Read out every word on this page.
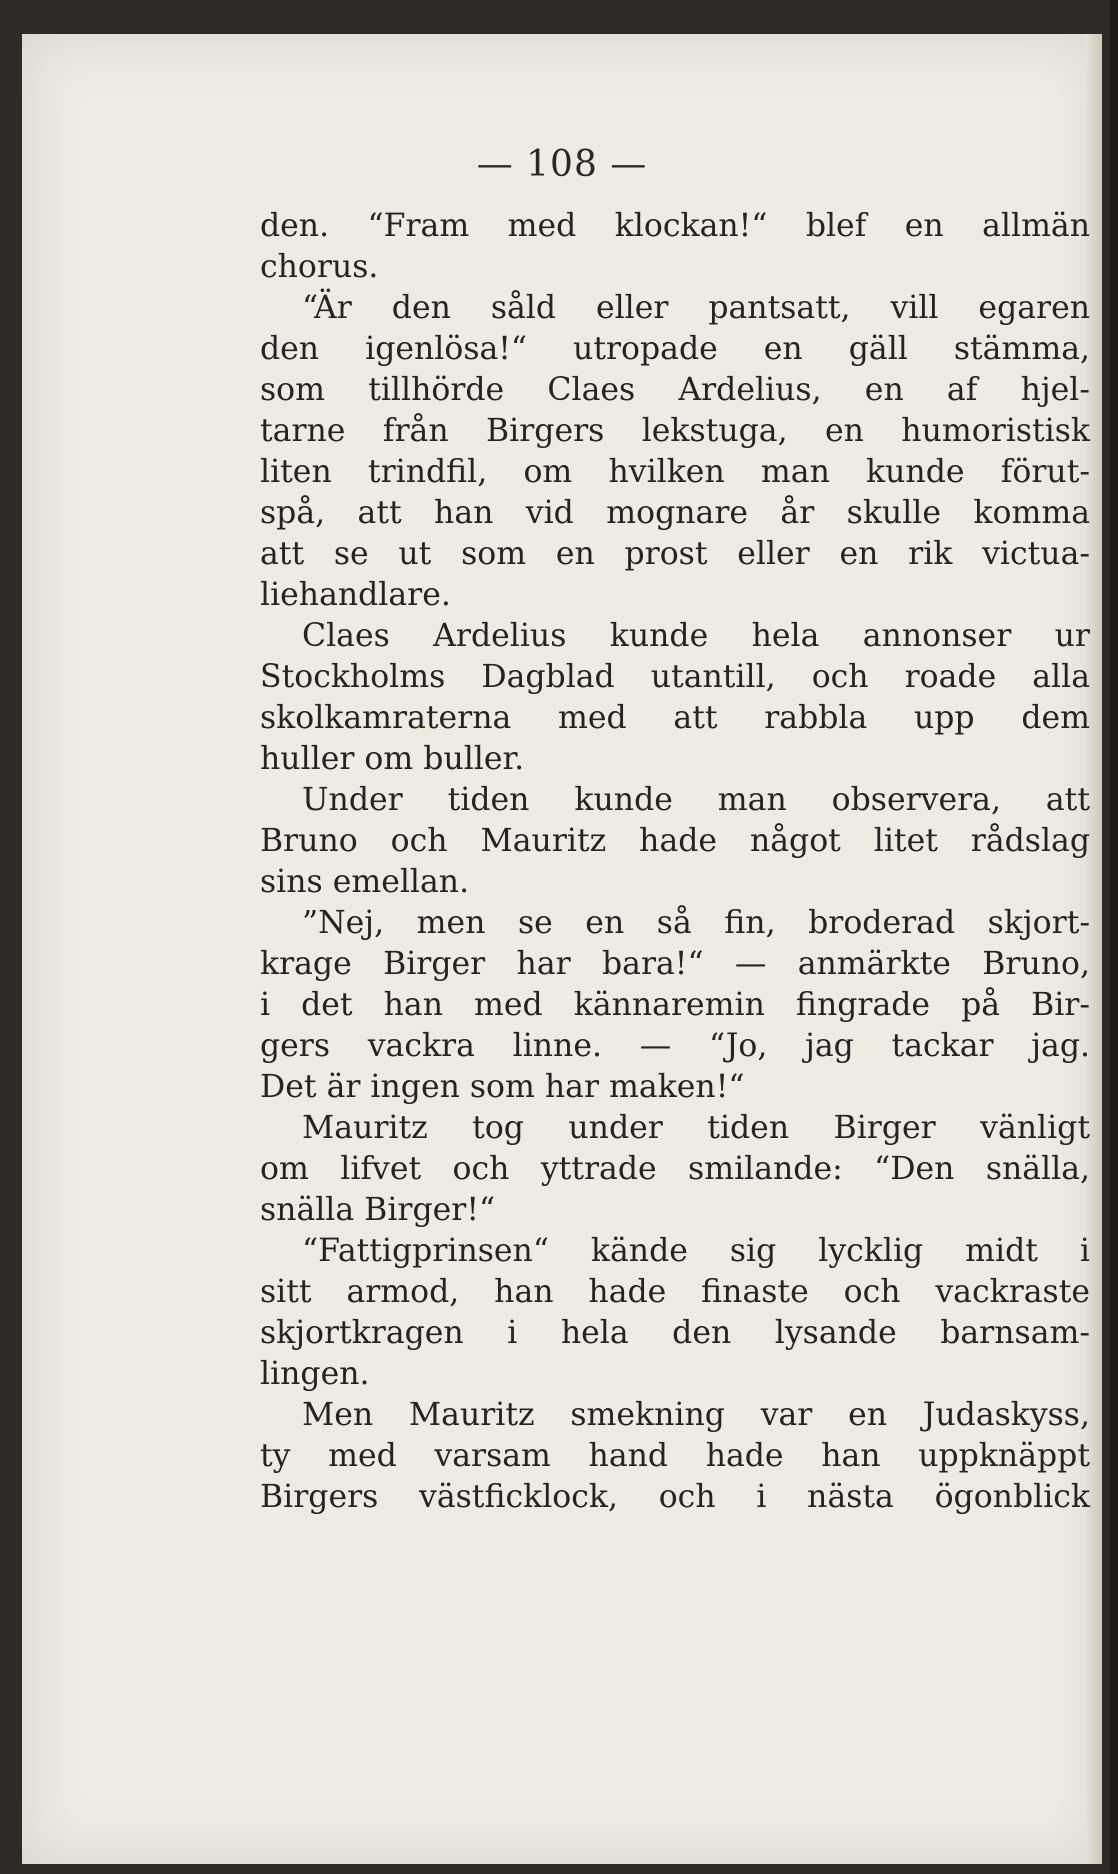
— 108 —
den. “Fram med klockan!“ blef en allmän
chorus.
“Är den såld eller pantsatt, vill egaren
den igenlösa!“ utropade en gäll stämma,
som tillhörde Claes Ardelius, en af hjel-
tarne från Birgers lekstuga, en humoristisk
liten trindfil, om hvilken man kunde förut-
spå, att han vid mognare år skulle komma
att se ut som en prost eller en rik victua-
liehandlare.
Claes Ardelius kunde hela annonser ur
Stockholms Dagblad utantill, och roade alla
skolkamraterna med att rabbla upp dem
huller om buller.
Under tiden kunde man observera, att
Bruno och Mauritz hade något litet rådslag
sins emellan.
”Nej, men se en så fin, broderad skjort-
krage Birger har bara!“ — anmärkte Bruno,
i det han med kännaremin fingrade på Bir-
gers vackra linne. — “Jo, jag tackar jag.
Det är ingen som har maken!“
Mauritz tog under tiden Birger vänligt
om lifvet och yttrade smilande: “Den snälla,
snälla Birger!“
“Fattigprinsen“ kände sig lycklig midt i
sitt armod, han hade finaste och vackraste
skjortkragen i hela den lysande barnsam-
lingen.
Men Mauritz smekning var en Judaskyss,
ty med varsam hand hade han uppknäppt
Birgers västficklock, och i nästa ögonblick
